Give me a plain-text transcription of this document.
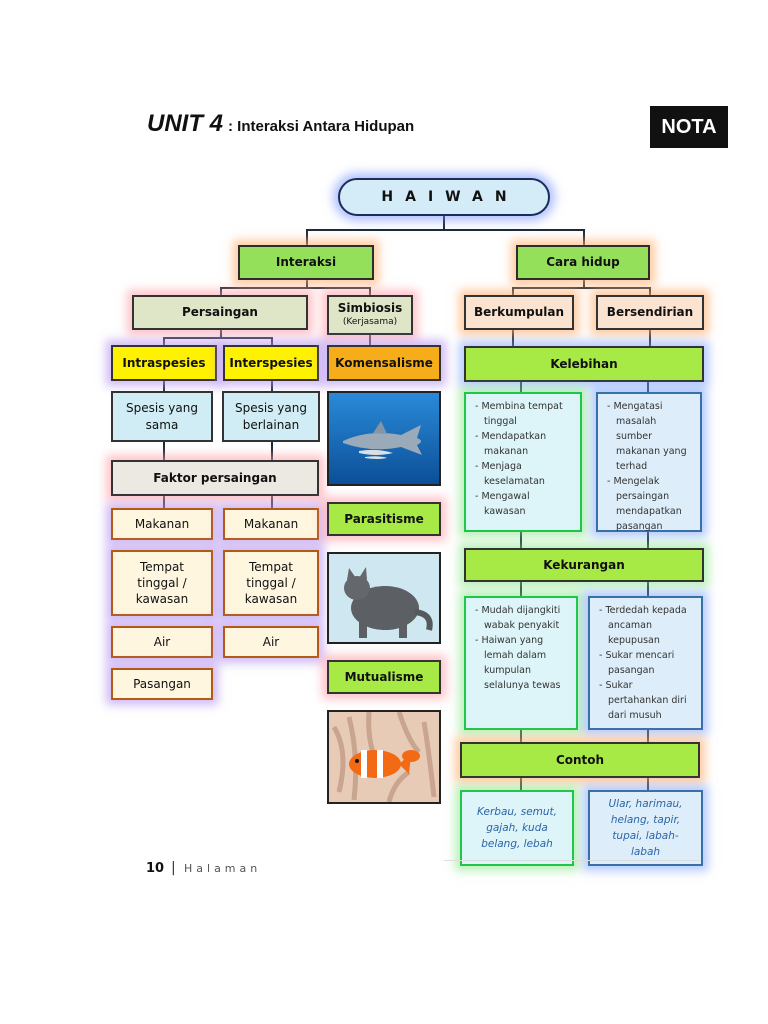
UNIT 4 : Interaksi Antara Hidupan	NOTA
HAIWAN
Interaksi
Persaingan	Simbiosis
(Kerjasama)
Intraspesies	Interspesies	Komensalisme
Spesis yang sama
Spesis yang berlainan
Faktor persaingan
Makanan
Tempat tinggal / kawasan
Air
Pasangan
Makanan
Tempat tinggal / kawasan
Air
Parasitisme
Mutualisme
Cara hidup
Berkumpulan	Bersendirian
Kelebihan
- Membina tempat tinggal
- Mendapatkan makanan
- Menjaga keselamatan
- Mengawal kawasan
- Mengatasi masalah sumber makanan yang terhad
- Mengelak persaingan mendapatkan pasangan
Kekurangan
- Mudah dijangkiti wabak penyakit
- Haiwan yang lemah dalam kumpulan selalunya tewas
- Terdedah kepada ancaman kepupusan
- Sukar mencari pasangan
- Sukar pertahankan diri dari musuh
Contoh
Kerbau, semut, gajah, kuda belang, lebah
Ular, harimau, helang, tapir, tupai, labah-labah
10 | Halaman
